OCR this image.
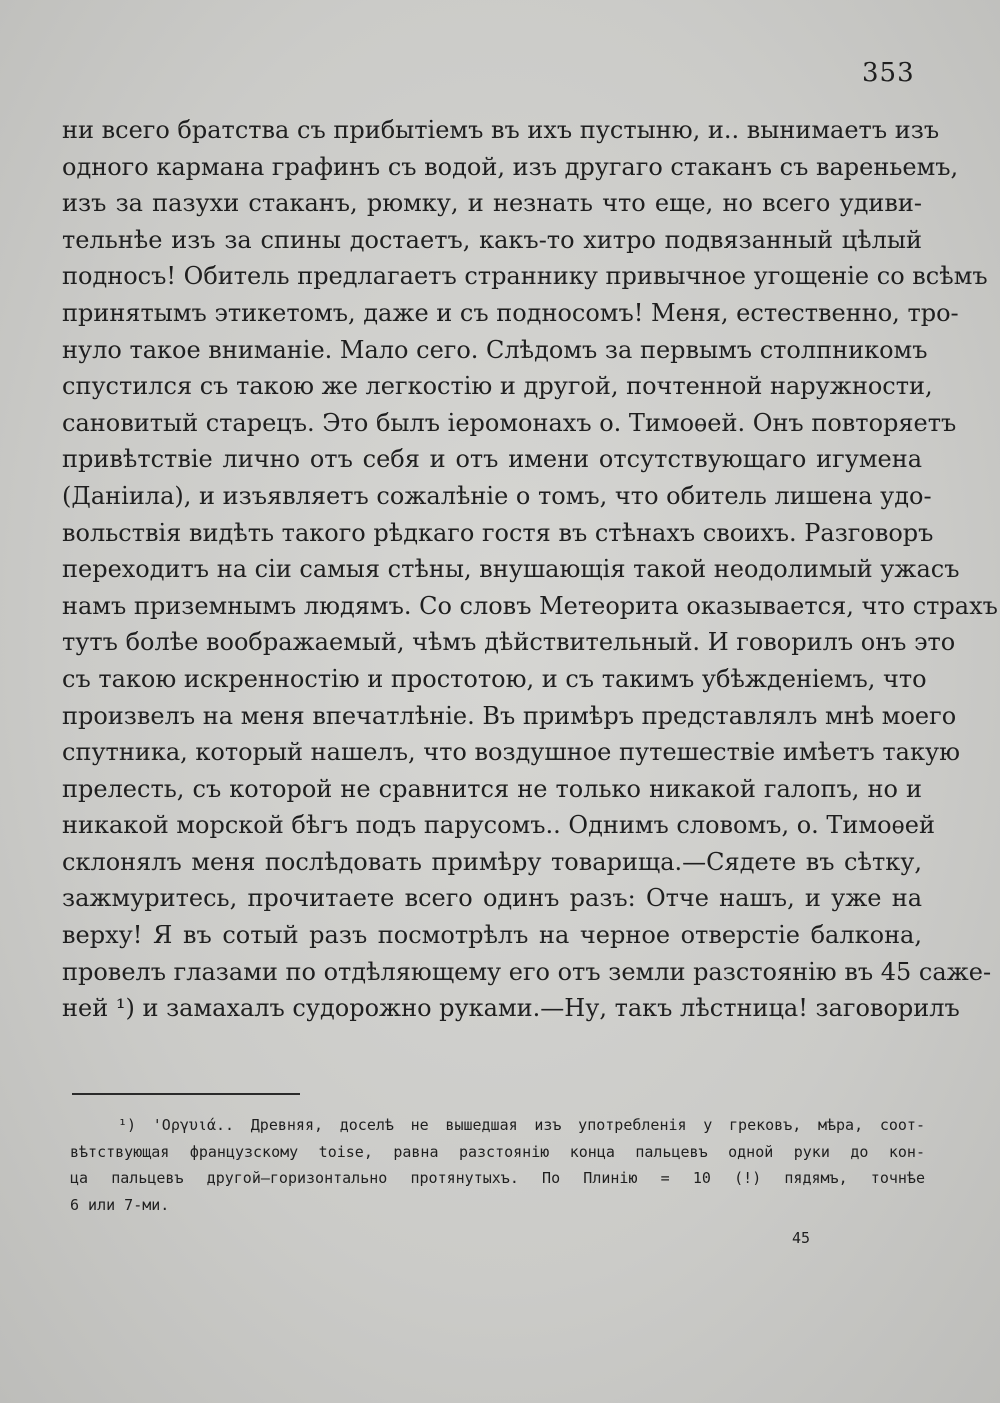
353
ни всего братства съ прибытіемъ въ ихъ пустыню, и.. вынимаетъ изъ
одного кармана графинъ съ водой, изъ другаго стаканъ съ вареньемъ,
изъ за пазухи стаканъ, рюмку, и незнать что еще, но всего удиви-
тельнѣе изъ за спины достаетъ, какъ-то хитро подвязанный цѣлый
подносъ! Обитель предлагаетъ страннику привычное угощеніе со всѣмъ
принятымъ этикетомъ, даже и съ подносомъ! Меня, естественно, тро-
нуло такое вниманіе. Мало сего. Слѣдомъ за первымъ столпникомъ
спустился съ такою же легкостію и другой, почтенной наружности,
сановитый старецъ. Это былъ іеромонахъ о. Тимоѳей. Онъ повторяетъ
привѣтствіе лично отъ себя и отъ имени отсутствующаго игумена
(Даніила), и изъявляетъ сожалѣніе о томъ, что обитель лишена удо-
вольствія видѣть такого рѣдкаго гостя въ стѣнахъ своихъ. Разговоръ
переходитъ на сіи самыя стѣны, внушающія такой неодолимый ужасъ
намъ приземнымъ людямъ. Со словъ Метеорита оказывается, что страхъ
тутъ болѣе воображаемый, чѣмъ дѣйствительный. И говорилъ онъ это
съ такою искренностію и простотою, и съ такимъ убѣжденіемъ, что
произвелъ на меня впечатлѣніе. Въ примѣръ представлялъ мнѣ моего
спутника, который нашелъ, что воздушное путешествіе имѣетъ такую
прелесть, съ которой не сравнится не только никакой галопъ, но и
никакой морской бѣгъ подъ парусомъ.. Однимъ словомъ, о. Тимоѳей
склонялъ меня послѣдовать примѣру товарища.—Сядете въ сѣтку,
зажмуритесь, прочитаете всего одинъ разъ: Отче нашъ, и уже на
верху! Я въ сотый разъ посмотрѣлъ на черное отверстіе балкона,
провелъ глазами по отдѣляющему его отъ земли разстоянію въ 45 саже-
ней ¹) и замахалъ судорожно руками.—Ну, такъ лѣстница! заговорилъ
¹) 'Οργυιά.. Древняя, доселѣ не вышедшая изъ употребленія у грековъ, мѣра, соот-
вѣтствующая французскому toise, равна разстоянію конца пальцевъ одной руки до кон-
ца пальцевъ другой—горизонтально протянутыхъ. По Плинію = 10 (!) пядямъ, точнѣе
6 или 7-ми.
45
